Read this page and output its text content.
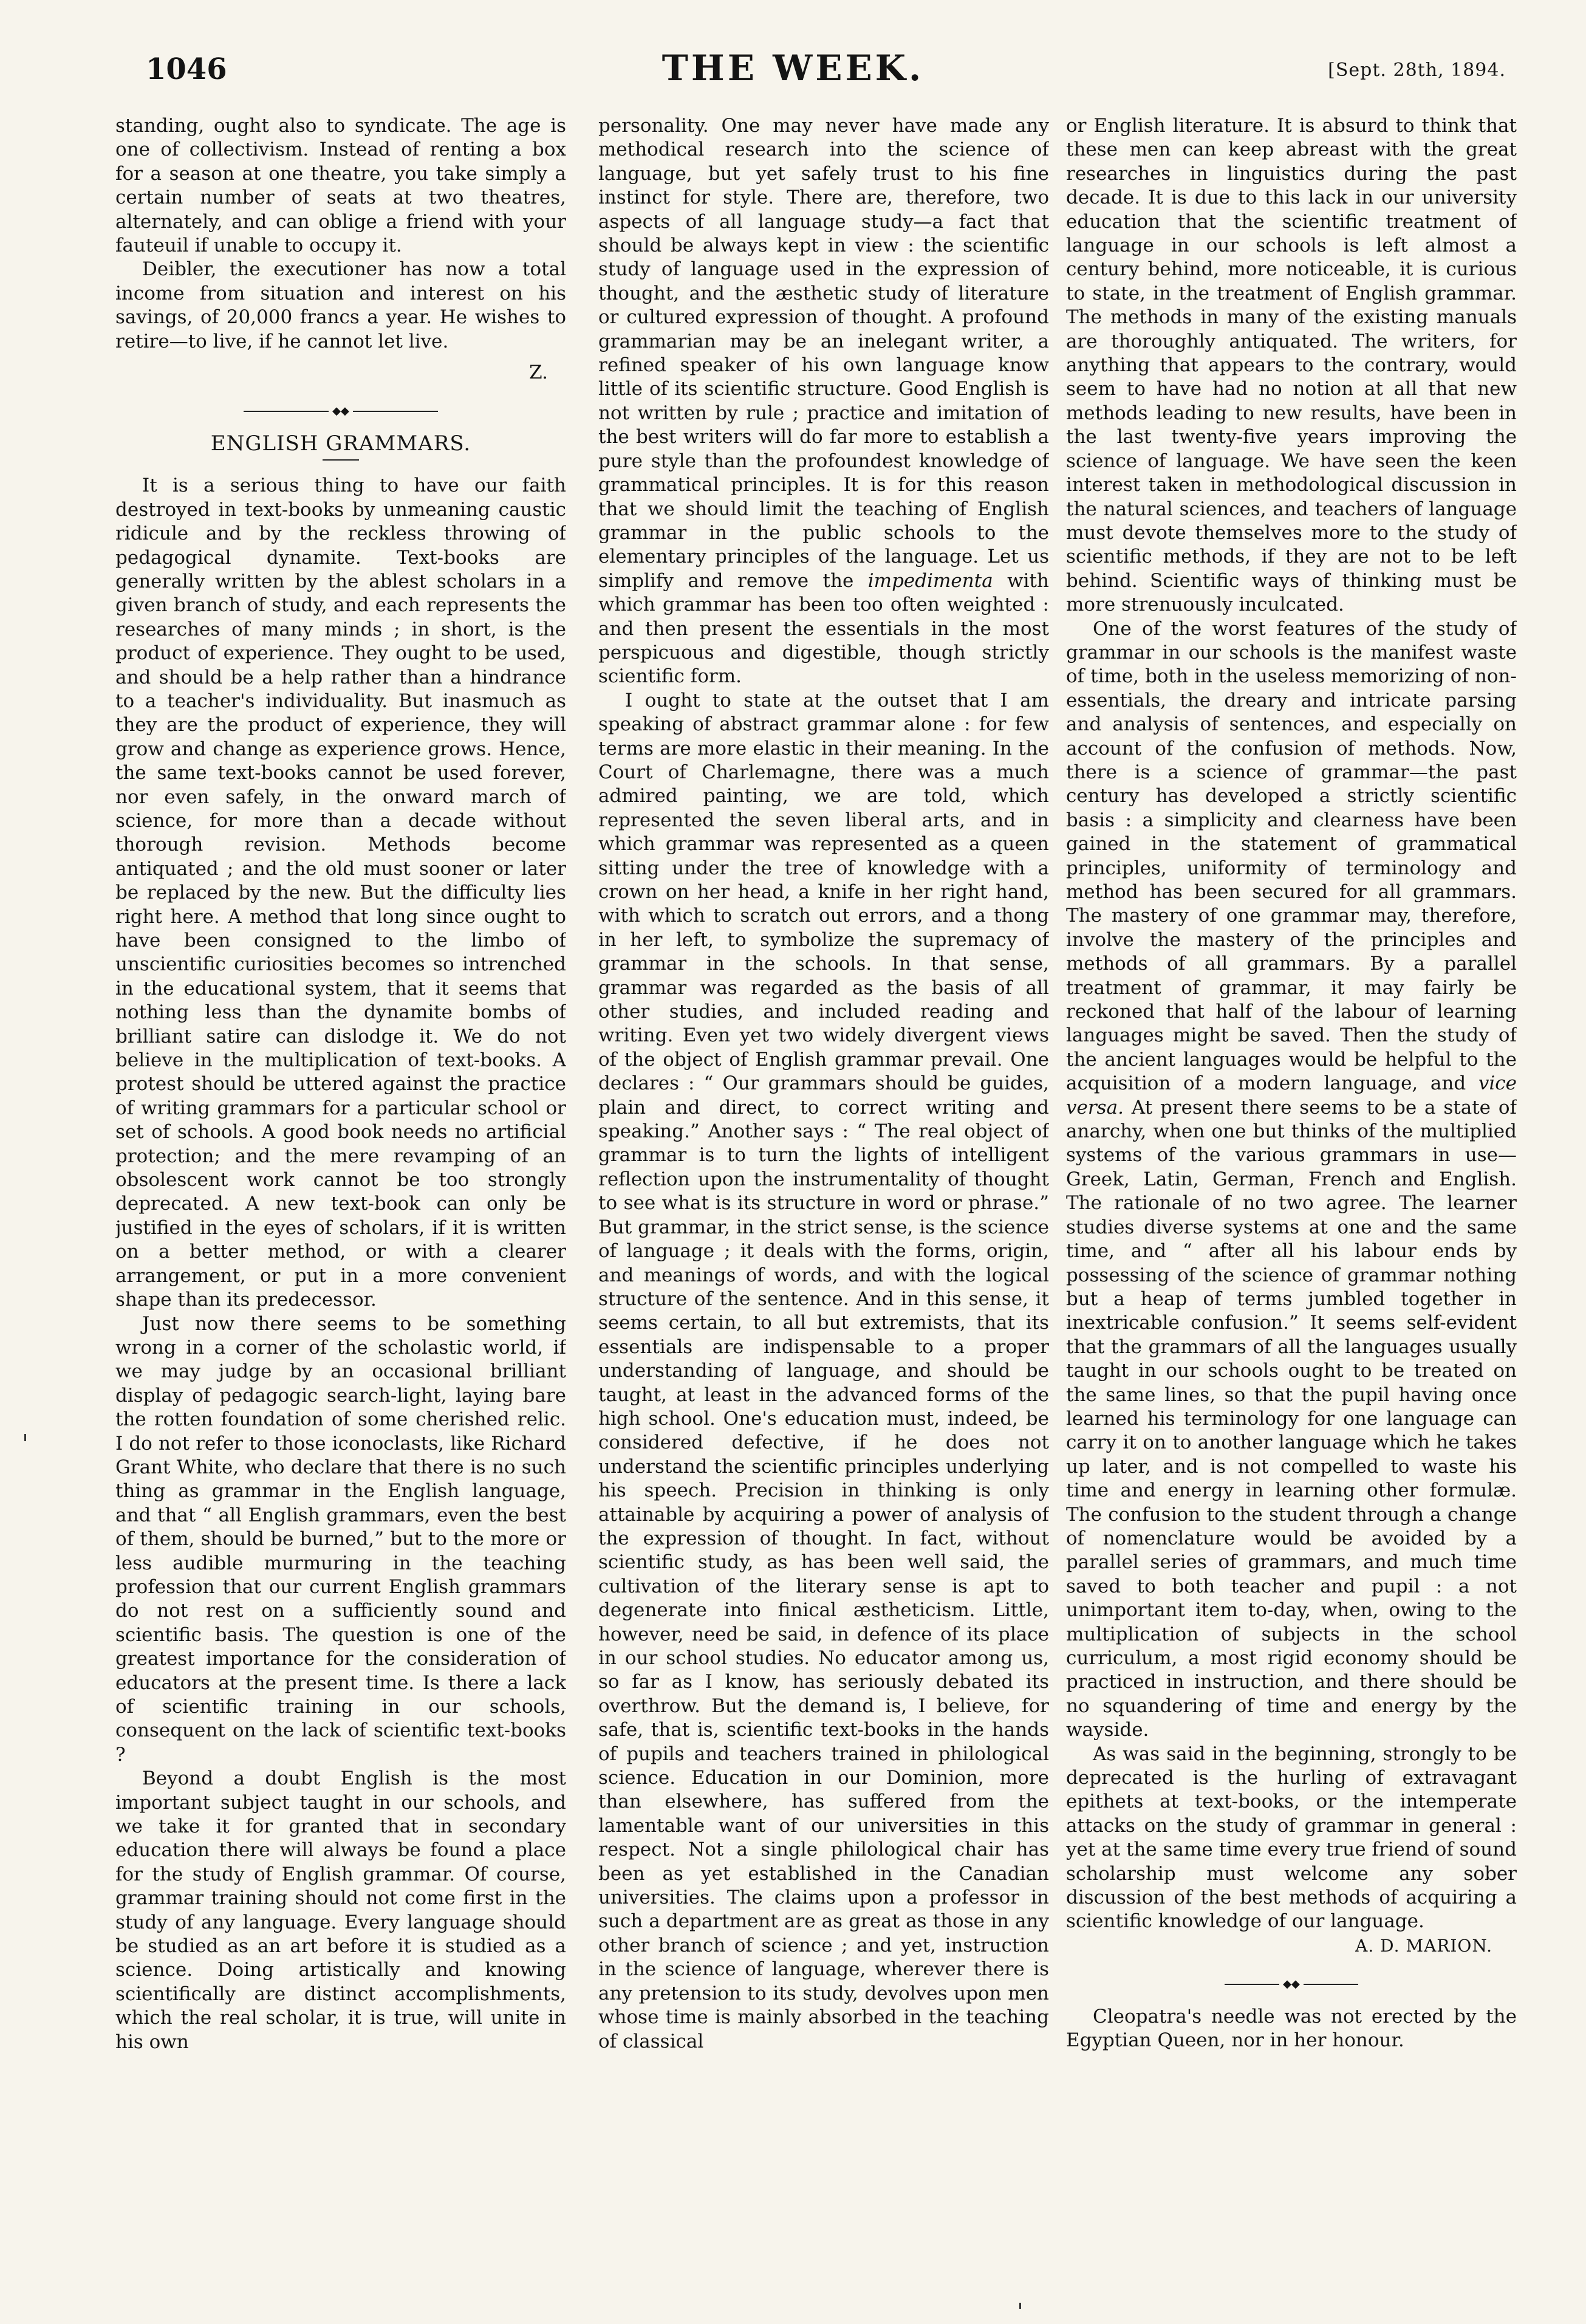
1046	THE WEEK.	[Sept. 28th, 1894.

standing, ought also to syndicate. The age is one of collectivism. Instead of renting a box for a season at one theatre, you take simply a certain number of seats at two theatres, alternately, and can oblige a friend with your fauteuil if unable to occupy it.

Deibler, the executioner has now a total income from situation and interest on his savings, of 20,000 francs a year. He wishes to retire—to live, if he cannot let live.

Z.
◆◆
ENGLISH GRAMMARS.

It is a serious thing to have our faith destroyed in text-books by unmeaning caustic ridicule and by the reckless throwing of pedagogical dynamite. Text-books are generally written by the ablest scholars in a given branch of study, and each represents the researches of many minds ; in short, is the product of experience. They ought to be used, and should be a help rather than a hindrance to a teacher's individuality. But inasmuch as they are the product of experience, they will grow and change as experience grows. Hence, the same text-books cannot be used forever, nor even safely, in the onward march of science, for more than a decade without thorough revision. Methods become antiquated ; and the old must sooner or later be replaced by the new. But the difficulty lies right here. A method that long since ought to have been consigned to the limbo of unscientific curiosities becomes so intrenched in the educational system, that it seems that nothing less than the dynamite bombs of brilliant satire can dislodge it. We do not believe in the multiplication of text-books. A protest should be uttered against the practice of writing grammars for a particular school or set of schools. A good book needs no artificial protection; and the mere revamping of an obsolescent work cannot be too strongly deprecated. A new text-book can only be justified in the eyes of scholars, if it is written on a better method, or with a clearer arrangement, or put in a more convenient shape than its predecessor.

Just now there seems to be something wrong in a corner of the scholastic world, if we may judge by an occasional brilliant display of pedagogic search-light, laying bare the rotten foundation of some cherished relic. I do not refer to those iconoclasts, like Richard Grant White, who declare that there is no such thing as grammar in the English language, and that “ all English grammars, even the best of them, should be burned,” but to the more or less audible murmuring in the teaching profession that our current English grammars do not rest on a sufficiently sound and scientific basis. The question is one of the greatest importance for the consideration of educators at the present time. Is there a lack of scientific training in our schools, consequent on the lack of scientific text-books ?

Beyond a doubt English is the most important subject taught in our schools, and we take it for granted that in secondary education there will always be found a place for the study of English grammar. Of course, grammar training should not come first in the study of any language. Every language should be studied as an art before it is studied as a science. Doing artistically and knowing scientifically are distinct accomplishments, which the real scholar, it is true, will unite in his own

personality. One may never have made any methodical research into the science of language, but yet safely trust to his fine instinct for style. There are, therefore, two aspects of all language study—a fact that should be always kept in view : the scientific study of language used in the expression of thought, and the æsthetic study of literature or cultured expression of thought. A profound grammarian may be an inelegant writer, a refined speaker of his own language know little of its scientific structure. Good English is not written by rule ; practice and imitation of the best writers will do far more to establish a pure style than the profoundest knowledge of grammatical principles. It is for this reason that we should limit the teaching of English grammar in the public schools to the elementary principles of the language. Let us simplify and remove the impedimenta with which grammar has been too often weighted : and then present the essentials in the most perspicuous and digestible, though strictly scientific form.

I ought to state at the outset that I am speaking of abstract grammar alone : for few terms are more elastic in their meaning. In the Court of Charlemagne, there was a much admired painting, we are told, which represented the seven liberal arts, and in which grammar was represented as a queen sitting under the tree of knowledge with a crown on her head, a knife in her right hand, with which to scratch out errors, and a thong in her left, to symbolize the supremacy of grammar in the schools. In that sense, grammar was regarded as the basis of all other studies, and included reading and writing. Even yet two widely divergent views of the object of English grammar prevail. One declares : “ Our grammars should be guides, plain and direct, to correct writing and speaking.” Another says : “ The real object of grammar is to turn the lights of intelligent reflection upon the instrumentality of thought to see what is its structure in word or phrase.” But grammar, in the strict sense, is the science of language ; it deals with the forms, origin, and meanings of words, and with the logical structure of the sentence. And in this sense, it seems certain, to all but extremists, that its essentials are indispensable to a proper understanding of language, and should be taught, at least in the advanced forms of the high school. One's education must, indeed, be considered defective, if he does not understand the scientific principles underlying his speech. Precision in thinking is only attainable by acquiring a power of analysis of the expression of thought. In fact, without scientific study, as has been well said, the cultivation of the literary sense is apt to degenerate into finical æstheticism. Little, however, need be said, in defence of its place in our school studies. No educator among us, so far as I know, has seriously debated its overthrow. But the demand is, I believe, for safe, that is, scientific text-books in the hands of pupils and teachers trained in philological science. Education in our Dominion, more than elsewhere, has suffered from the lamentable want of our universities in this respect. Not a single philological chair has been as yet established in the Canadian universities. The claims upon a professor in such a department are as great as those in any other branch of science ; and yet, instruction in the science of language, wherever there is any pretension to its study, devolves upon men whose time is mainly absorbed in the teaching of classical

or English literature. It is absurd to think that these men can keep abreast with the great researches in linguistics during the past decade. It is due to this lack in our university education that the scientific treatment of language in our schools is left almost a century behind, more noticeable, it is curious to state, in the treatment of English grammar. The methods in many of the existing manuals are thoroughly antiquated. The writers, for anything that appears to the contrary, would seem to have had no notion at all that new methods leading to new results, have been in the last twenty-five years improving the science of language. We have seen the keen interest taken in methodological discussion in the natural sciences, and teachers of language must devote themselves more to the study of scientific methods, if they are not to be left behind. Scientific ways of thinking must be more strenuously inculcated.

One of the worst features of the study of grammar in our schools is the manifest waste of time, both in the useless memorizing of non-essentials, the dreary and intricate parsing and analysis of sentences, and especially on account of the confusion of methods. Now, there is a science of grammar—the past century has developed a strictly scientific basis : a simplicity and clearness have been gained in the statement of grammatical principles, uniformity of terminology and method has been secured for all grammars. The mastery of one grammar may, therefore, involve the mastery of the principles and methods of all grammars. By a parallel treatment of grammar, it may fairly be reckoned that half of the labour of learning languages might be saved. Then the study of the ancient languages would be helpful to the acquisition of a modern language, and vice versa. At present there seems to be a state of anarchy, when one but thinks of the multiplied systems of the various grammars in use—Greek, Latin, German, French and English. The rationale of no two agree. The learner studies diverse systems at one and the same time, and “ after all his labour ends by possessing of the science of grammar nothing but a heap of terms jumbled together in inextricable confusion.” It seems self-evident that the grammars of all the languages usually taught in our schools ought to be treated on the same lines, so that the pupil having once learned his terminology for one language can carry it on to another language which he takes up later, and is not compelled to waste his time and energy in learning other formulæ. The confusion to the student through a change of nomenclature would be avoided by a parallel series of grammars, and much time saved to both teacher and pupil : a not unimportant item to-day, when, owing to the multiplication of subjects in the school curriculum, a most rigid economy should be practiced in instruction, and there should be no squandering of time and energy by the wayside.

As was said in the beginning, strongly to be deprecated is the hurling of extravagant epithets at text-books, or the intemperate attacks on the study of grammar in general : yet at the same time every true friend of sound scholarship must welcome any sober discussion of the best methods of acquiring a scientific knowledge of our language.

A. D. MARION.
◆◆

Cleopatra's needle was not erected by the Egyptian Queen, nor in her honour.
